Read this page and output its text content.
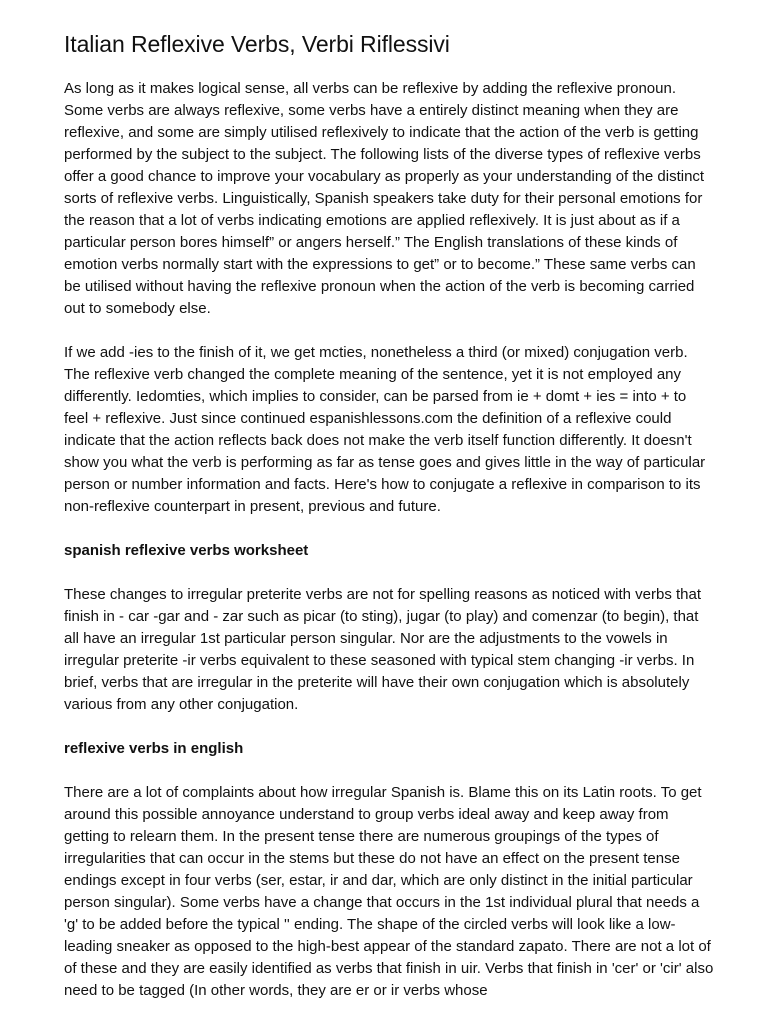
Italian Reflexive Verbs, Verbi Riflessivi

As long as it makes logical sense, all verbs can be reflexive by adding the reflexive pronoun. Some verbs are always reflexive, some verbs have a entirely distinct meaning when they are reflexive, and some are simply utilised reflexively to indicate that the action of the verb is getting performed by the subject to the subject. The following lists of the diverse types of reflexive verbs offer a good chance to improve your vocabulary as properly as your understanding of the distinct sorts of reflexive verbs. Linguistically, Spanish speakers take duty for their personal emotions for the reason that a lot of verbs indicating emotions are applied reflexively. It is just about as if a particular person bores himself” or angers herself.” The English translations of these kinds of emotion verbs normally start with the expressions to get” or to become.” These same verbs can be utilised without having the reflexive pronoun when the action of the verb is becoming carried out to somebody else.

If we add -ies to the finish of it, we get mcties, nonetheless a third (or mixed) conjugation verb. The reflexive verb changed the complete meaning of the sentence, yet it is not employed any differently. Iedomties, which implies to consider, can be parsed from ie + domt + ies = into + to feel + reflexive. Just since continued espanishlessons.com the definition of a reflexive could indicate that the action reflects back does not make the verb itself function differently. It doesn't show you what the verb is performing as far as tense goes and gives little in the way of particular person or number information and facts. Here's how to conjugate a reflexive in comparison to its non-reflexive counterpart in present, previous and future.

spanish reflexive verbs worksheet

These changes to irregular preterite verbs are not for spelling reasons as noticed with verbs that finish in - car -gar and - zar such as picar (to sting), jugar (to play) and comenzar (to begin), that all have an irregular 1st particular person singular. Nor are the adjustments to the vowels in irregular preterite -ir verbs equivalent to these seasoned with typical stem changing -ir verbs. In brief, verbs that are irregular in the preterite will have their own conjugation which is absolutely various from any other conjugation.

reflexive verbs in english

There are a lot of complaints about how irregular Spanish is. Blame this on its Latin roots. To get around this possible annoyance understand to group verbs ideal away and keep away from getting to relearn them. In the present tense there are numerous groupings of the types of irregularities that can occur in the stems but these do not have an effect on the present tense endings except in four verbs (ser, estar, ir and dar, which are only distinct in the initial particular person singular). Some verbs have a change that occurs in the 1st individual plural that needs a 'g' to be added before the typical '' ending. The shape of the circled verbs will look like a low-leading sneaker as opposed to the high-best appear of the standard zapato. There are not a lot of of these and they are easily identified as verbs that finish in uir. Verbs that finish in 'cer' or 'cir' also need to be tagged (In other words, they are er or ir verbs whose
